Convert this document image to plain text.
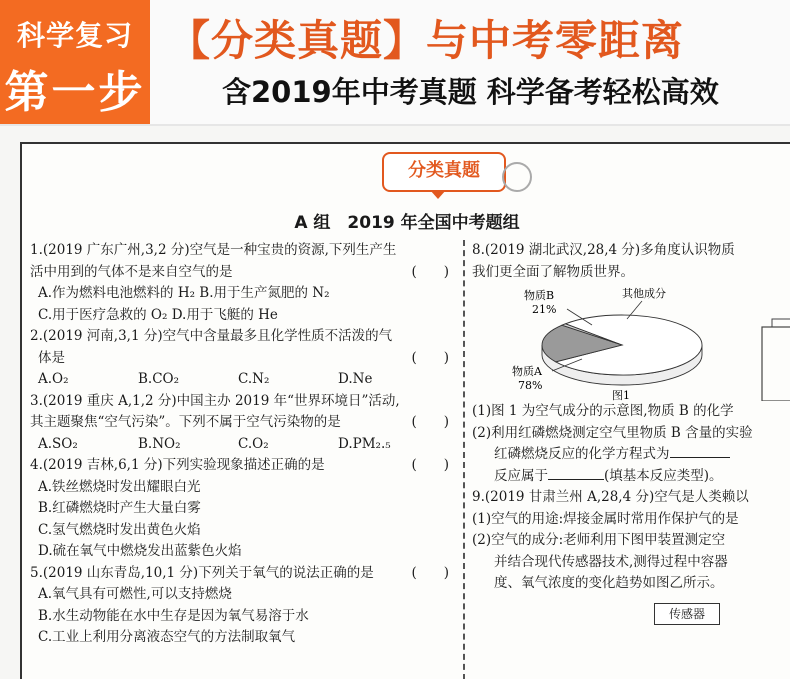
科学复习
第一步
【分类真题】与中考零距离
含2019年中考真题 科学备考轻松高效
分类真题
A 组　2019 年全国中考题组
1.(2019 广东广州,3,2 分)空气是一种宝贵的资源,下列生产生
活中用到的气体不是来自空气的是	(　　)
A.作为燃料电池燃料的 H₂ B.用于生产氮肥的 N₂
C.用于医疗急救的 O₂ D.用于飞艇的 He
2.(2019 河南,3,1 分)空气中含量最多且化学性质不活泼的气
体是	(　　)
A.O₂	B.CO₂	C.N₂	D.Ne
3.(2019 重庆 A,1,2 分)中国主办 2019 年“世界环境日”活动,
其主题聚焦“空气污染”。下列不属于空气污染物的是	(　　)
A.SO₂	B.NO₂	C.O₂	D.PM₂.₅
4.(2019 吉林,6,1 分)下列实验现象描述正确的是	(　　)
A.铁丝燃烧时发出耀眼白光
B.红磷燃烧时产生大量白雾
C.氢气燃烧时发出黄色火焰
D.硫在氧气中燃烧发出蓝紫色火焰
5.(2019 山东青岛,10,1 分)下列关于氧气的说法正确的是	(　　)
A.氧气具有可燃性,可以支持燃烧
B.水生动物能在水中生存是因为氧气易溶于水
C.工业上利用分离液态空气的方法制取氧气
8.(2019 湖北武汉,28,4 分)多角度认识物质
我们更全面了解物质世界。
物质B
21%
其他成分
物质A
78%
图1
(1)图 1 为空气成分的示意图,物质 B 的化学
(2)利用红磷燃烧测定空气里物质 B 含量的实验
红磷燃烧反应的化学方程式为
反应属于	(填基本反应类型)。
9.(2019 甘肃兰州 A,28,4 分)空气是人类赖以
(1)空气的用途:焊接金属时常用作保护气的是
(2)空气的成分:老师利用下图甲装置测定空
并结合现代传感器技术,测得过程中容器
度、氧气浓度的变化趋势如图乙所示。
传感器
